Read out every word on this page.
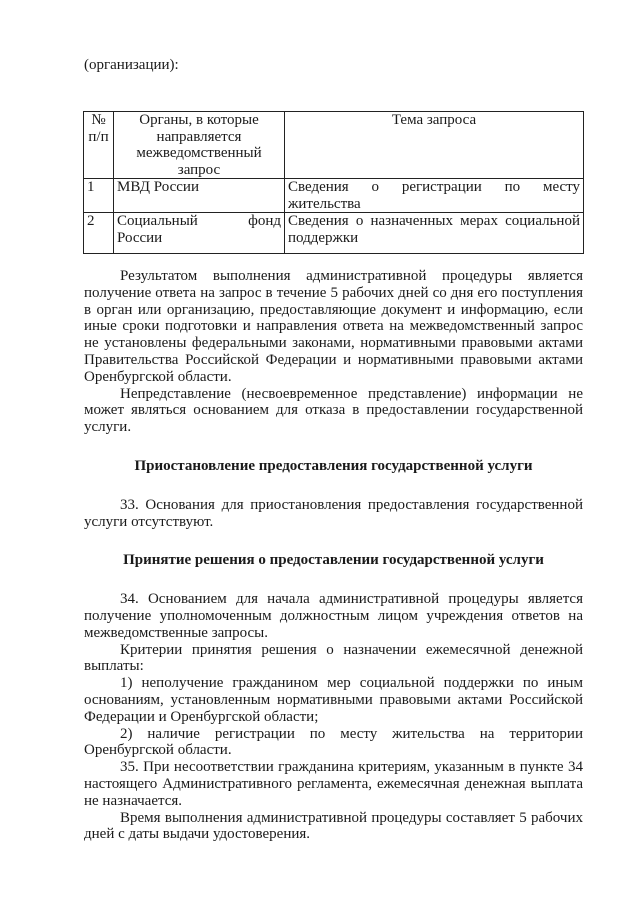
(организации):

№ п/п	Органы, в которые направляется межведомственный запрос	Тема запроса
1	МВД России	Сведения о регистрации по месту жительства
2	Социальный фонд России	Сведения о назначенных мерах социальной поддержки

Результатом выполнения административной процедуры является получение ответа на запрос в течение 5 рабочих дней со дня его поступления в орган или организацию, предоставляющие документ и информацию, если иные сроки подготовки и направления ответа на межведомственный запрос не установлены федеральными законами, нормативными правовыми актами Правительства Российской Федерации и нормативными правовыми актами Оренбургской области.

Непредставление (несвоевременное представление) информации не может являться основанием для отказа в предоставлении государственной услуги.

Приостановление предоставления государственной услуги

33. Основания для приостановления предоставления государственной услуги отсутствуют.

Принятие решения о предоставлении государственной услуги

34. Основанием для начала административной процедуры является получение уполномоченным должностным лицом учреждения ответов на межведомственные запросы.

Критерии принятия решения о назначении ежемесячной денежной выплаты:

1) неполучение гражданином мер социальной поддержки по иным основаниям, установленным нормативными правовыми актами Российской Федерации и Оренбургской области;

2) наличие регистрации по месту жительства на территории Оренбургской области.

35. При несоответствии гражданина критериям, указанным в пункте 34 настоящего Административного регламента, ежемесячная денежная выплата не назначается.

Время выполнения административной процедуры составляет 5 рабочих дней с даты выдачи удостоверения.
